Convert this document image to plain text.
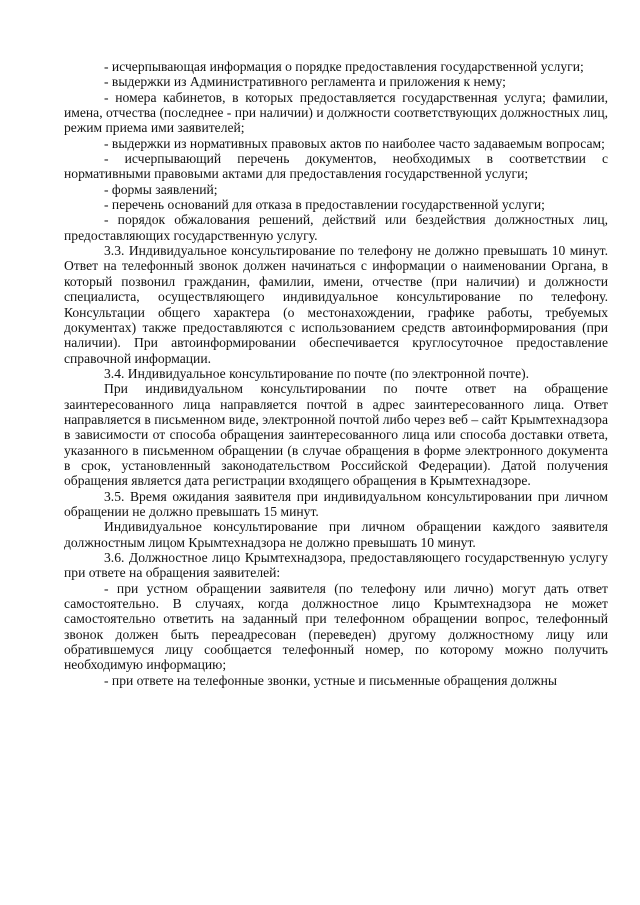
- исчерпывающая информация о порядке предоставления государственной услуги;

- выдержки из Административного регламента и приложения к нему;

- номера кабинетов, в которых предоставляется государственная услуга; фамилии, имена, отчества (последнее - при наличии) и должности соответствующих должностных лиц, режим приема ими заявителей;

- выдержки из нормативных правовых актов по наиболее часто задаваемым вопросам;

- исчерпывающий перечень документов, необходимых в соответствии с нормативными правовыми актами для предоставления государственной услуги;

- формы заявлений;

- перечень оснований для отказа в предоставлении государственной услуги;

- порядок обжалования решений, действий или бездействия должностных лиц, предоставляющих государственную услугу.

3.3. Индивидуальное консультирование по телефону не должно превышать 10 минут. Ответ на телефонный звонок должен начинаться с информации о наименовании Органа, в который позвонил гражданин, фамилии, имени, отчестве (при наличии) и должности специалиста, осуществляющего индивидуальное консультирование по телефону. Консультации общего характера (о местонахождении, графике работы, требуемых документах) также предоставляются с использованием средств автоинформирования (при наличии). При автоинформировании обеспечивается круглосуточное предоставление справочной информации.

3.4. Индивидуальное консультирование по почте (по электронной почте).

При индивидуальном консультировании по почте ответ на обращение заинтересованного лица направляется почтой в адрес заинтересованного лица. Ответ направляется в письменном виде, электронной почтой либо через веб – сайт Крымтехнадзора в зависимости от способа обращения заинтересованного лица или способа доставки ответа, указанного в письменном обращении (в случае обращения в форме электронного документа в срок, установленный законодательством Российской Федерации). Датой получения обращения является дата регистрации входящего обращения в Крымтехнадзоре.

3.5. Время ожидания заявителя при индивидуальном консультировании при личном обращении не должно превышать 15 минут.

Индивидуальное консультирование при личном обращении каждого заявителя должностным лицом Крымтехнадзора не должно превышать 10 минут.

3.6. Должностное лицо Крымтехнадзора, предоставляющего государственную услугу при ответе на обращения заявителей:

- при устном обращении заявителя (по телефону или лично) могут дать ответ самостоятельно. В случаях, когда должностное лицо Крымтехнадзора не может самостоятельно ответить на заданный при телефонном обращении вопрос, телефонный звонок должен быть переадресован (переведен) другому должностному лицу или обратившемуся лицу сообщается телефонный номер, по которому можно получить необходимую информацию;

- при ответе на телефонные звонки, устные и письменные обращения должны
